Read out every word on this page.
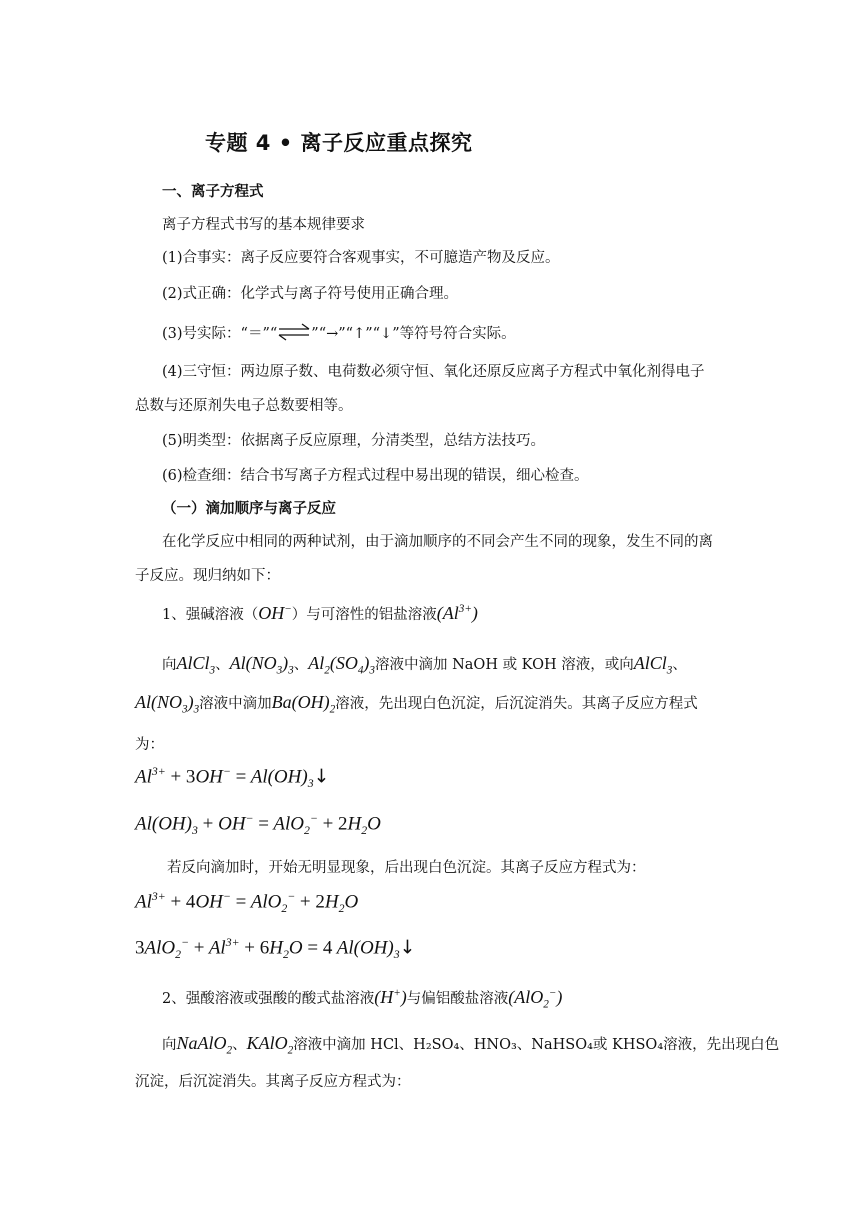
专题 4 • 离子反应重点探究
一、离子方程式
离子方程式书写的基本规律要求
(1)合事实：离子反应要符合客观事实，不可臆造产物及反应。
(2)式正确：化学式与离子符号使用正确合理。
(3)号实际：“＝”“⇌”“→”“↑”“↓”等符号符合实际。
(4)三守恒：两边原子数、电荷数必须守恒、氧化还原反应离子方程式中氧化剂得电子
总数与还原剂失电子总数要相等。
(5)明类型：依据离子反应原理，分清类型，总结方法技巧。
(6)检查细：结合书写离子方程式过程中易出现的错误，细心检查。
（一）滴加顺序与离子反应
在化学反应中相同的两种试剂，由于滴加顺序的不同会产生不同的现象，发生不同的离
子反应。现归纳如下：
1、强碱溶液（OH−）与可溶性的铝盐溶液$(Al^{3+})$
向AlCl$_3$、$Al(NO_3)_3$、$Al_2(SO_4)_3$溶液中滴加 NaOH 或 KOH 溶液，或向AlCl$_3$、
$Al(NO_3)_3$溶液中滴加$Ba(OH)_2$溶液，先出现白色沉淀，后沉淀消失。其离子反应方程式
为：
$Al^{3+} + 3OH^-$ = $Al(OH)_3↓$
$Al(OH)_3 + OH^- = AlO_2^- + 2H_2O$
若反向滴加时，开始无明显现象，后出现白色沉淀。其离子反应方程式为：
$Al^{3+} + 4OH^- = AlO_2^- + 2H_2O$
$3AlO_2^- + Al^{3+} + 6H_2O = 4$ $Al(OH)_3↓$
2、强酸溶液或强酸的酸式盐溶液(H+)与偏铝酸盐溶液(AlO$_2$−)
向NaAlO$_2$、KAlO$_2$溶液中滴加 HCl、H₂SO₄、HNO₃、NaHSO₄或 KHSO₄溶液，先出现白色
沉淀，后沉淀消失。其离子反应方程式为：
